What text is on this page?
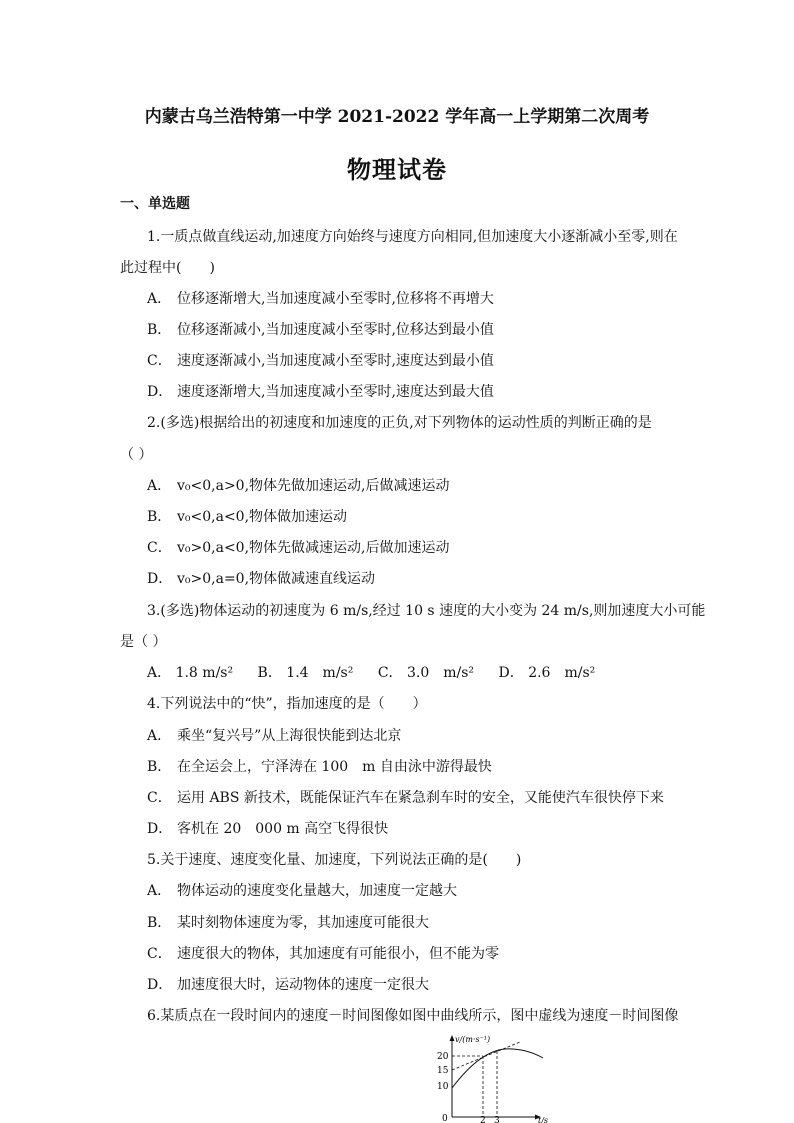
内蒙古乌兰浩特第一中学 2021-2022 学年高一上学期第二次周考
物理试卷
一、单选题
1.一质点做直线运动,加速度方向始终与速度方向相同,但加速度大小逐渐减小至零,则在
此过程中(　　)
A． 位移逐渐增大,当加速度减小至零时,位移将不再增大
B． 位移逐渐减小,当加速度减小至零时,位移达到最小值
C． 速度逐渐减小,当加速度减小至零时,速度达到最小值
D． 速度逐渐增大,当加速度减小至零时,速度达到最大值
2.(多选)根据给出的初速度和加速度的正负,对下列物体的运动性质的判断正确的是
（ ）
A． v₀<0,a>0,物体先做加速运动,后做减速运动
B． v₀<0,a<0,物体做加速运动
C． v₀>0,a<0,物体先做减速运动,后做加速运动
D． v₀>0,a=0,物体做减速直线运动
3.(多选)物体运动的初速度为 6 m/s,经过 10 s 速度的大小变为 24 m/s,则加速度大小可能
是（ ）
A． 1.8 m/s² B． 1.4　m/s² C． 3.0　m/s² D． 2.6　m/s²
4.下列说法中的“快”，指加速度的是（　　）
A． 乘坐“复兴号”从上海很快能到达北京
B． 在全运会上，宁泽涛在 100　m 自由泳中游得最快
C． 运用 ABS 新技术，既能保证汽车在紧急刹车时的安全，又能使汽车很快停下来
D． 客机在 20　000 m 高空飞得很快
5.关于速度、速度变化量、加速度，下列说法正确的是(　　)
A． 物体运动的速度变化量越大，加速度一定越大
B． 某时刻物体速度为零，其加速度可能很大
C． 速度很大的物体，其加速度有可能很小，但不能为零
D． 加速度很大时，运动物体的速度一定很大
6.某质点在一段时间内的速度－时间图像如图中曲线所示，图中虚线为速度－时间图像
v/(m·s⁻¹)
20
15
10
0	2 3	t/s
